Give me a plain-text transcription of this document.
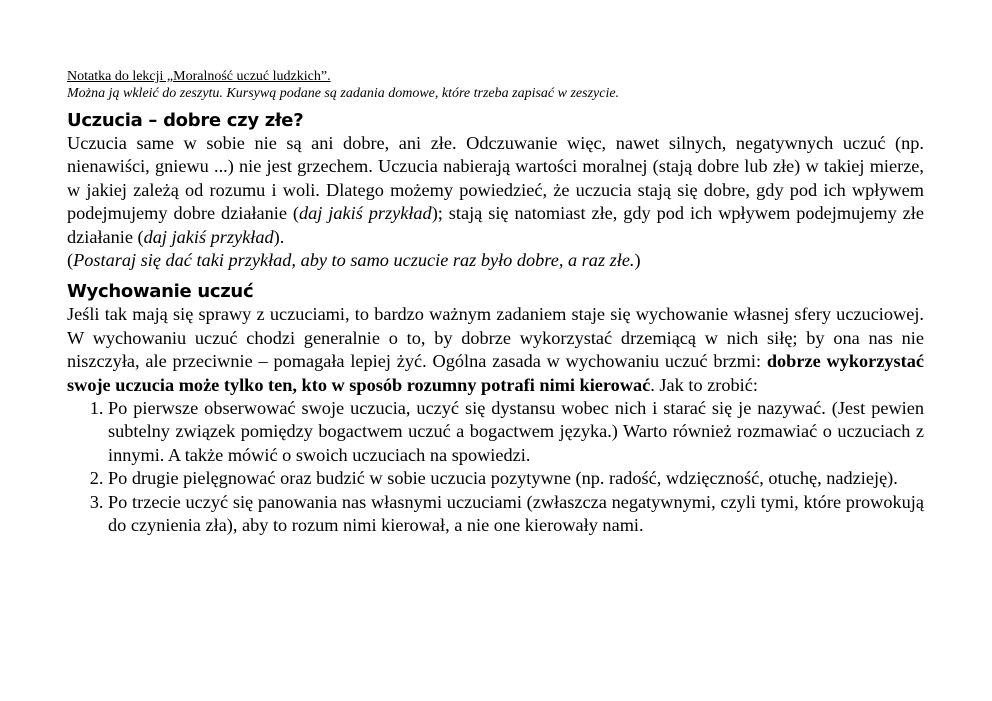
Notatka do lekcji „Moralność uczuć ludzkich”.

Można ją wkleić do zeszytu. Kursywą podane są zadania domowe, które trzeba zapisać w zeszycie.

Uczucia – dobre czy złe?

Uczucia same w sobie nie są ani dobre, ani złe. Odczuwanie więc, nawet silnych, negatywnych uczuć (np. nienawiści, gniewu ...) nie jest grzechem. Uczucia nabierają wartości moralnej (stają dobre lub złe) w takiej mierze, w jakiej zależą od rozumu i woli. Dlatego możemy powiedzieć, że uczucia stają się dobre, gdy pod ich wpływem podejmujemy dobre działanie (daj jakiś przykład); stają się natomiast złe, gdy pod ich wpływem podejmujemy złe działanie (daj jakiś przykład).
(Postaraj się dać taki przykład, aby to samo uczucie raz było dobre, a raz złe.)

Wychowanie uczuć

Jeśli tak mają się sprawy z uczuciami, to bardzo ważnym zadaniem staje się wychowanie własnej sfery uczuciowej. W wychowaniu uczuć chodzi generalnie o to, by dobrze wykorzystać drzemiącą w nich siłę; by ona nas nie niszczyła, ale przeciwnie – pomagała lepiej żyć. Ogólna zasada w wychowaniu uczuć brzmi: dobrze wykorzystać swoje uczucia może tylko ten, kto w sposób rozumny potrafi nimi kierować. Jak to zrobić:

1. Po pierwsze obserwować swoje uczucia, uczyć się dystansu wobec nich i starać się je nazywać. (Jest pewien subtelny związek pomiędzy bogactwem uczuć a bogactwem języka.) Warto również rozmawiać o uczuciach z innymi. A także mówić o swoich uczuciach na spowiedzi.
2. Po drugie pielęgnować oraz budzić w sobie uczucia pozytywne (np. radość, wdzięczność, otuchę, nadzieję).
3. Po trzecie uczyć się panowania nas własnymi uczuciami (zwłaszcza negatywnymi, czyli tymi, które prowokują do czynienia zła), aby to rozum nimi kierował, a nie one kierowały nami.
